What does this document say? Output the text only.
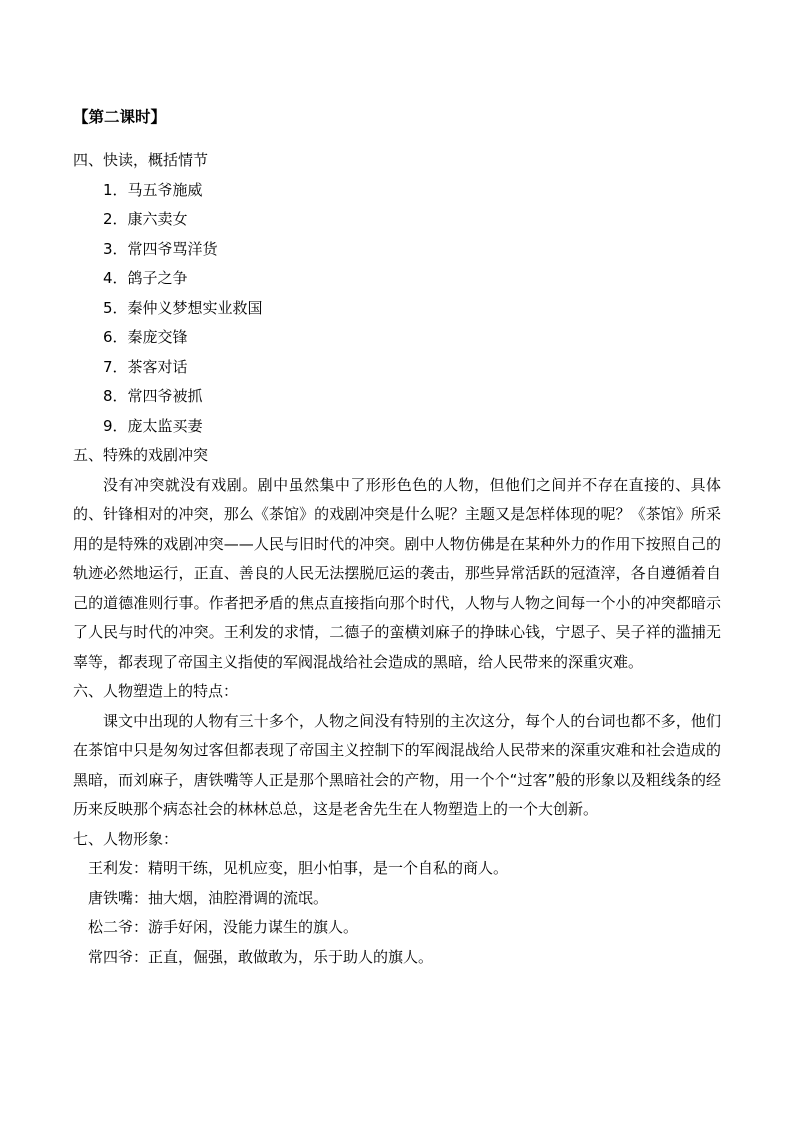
【第二课时】
四、快读，概括情节
1．马五爷施威
2．康六卖女
3．常四爷骂洋货
4．鸽子之争
5．秦仲义梦想实业救国
6．秦庞交锋
7．茶客对话
8．常四爷被抓
9．庞太监买妻
五、特殊的戏剧冲突

没有冲突就没有戏剧。剧中虽然集中了形形色色的人物，但他们之间并不存在直接的、具体的、针锋相对的冲突，那么《茶馆》的戏剧冲突是什么呢？主题又是怎样体现的呢？《茶馆》所采用的是特殊的戏剧冲突——人民与旧时代的冲突。剧中人物仿佛是在某种外力的作用下按照自己的轨迹必然地运行，正直、善良的人民无法摆脱厄运的袭击，那些异常活跃的冠渣滓，各自遵循着自己的道德准则行事。作者把矛盾的焦点直接指向那个时代，人物与人物之间每一个小的冲突都暗示了人民与时代的冲突。王利发的求情，二德子的蛮横刘麻子的挣昧心钱，宁恩子、吴子祥的滥捕无辜等，都表现了帝国主义指使的军阀混战给社会造成的黑暗，给人民带来的深重灾难。

六、人物塑造上的特点：

课文中出现的人物有三十多个，人物之间没有特别的主次这分，每个人的台词也都不多，他们在茶馆中只是匆匆过客但都表现了帝国主义控制下的军阀混战给人民带来的深重灾难和社会造成的黑暗，而刘麻子，唐铁嘴等人正是那个黑暗社会的产物，用一个个“过客”般的形象以及粗线条的经历来反映那个病态社会的林林总总，这是老舍先生在人物塑造上的一个大创新。

七、人物形象：
王利发：精明干练，见机应变，胆小怕事，是一个自私的商人。
唐铁嘴：抽大烟，油腔滑调的流氓。
松二爷：游手好闲，没能力谋生的旗人。
常四爷：正直，倔强，敢做敢为，乐于助人的旗人。
